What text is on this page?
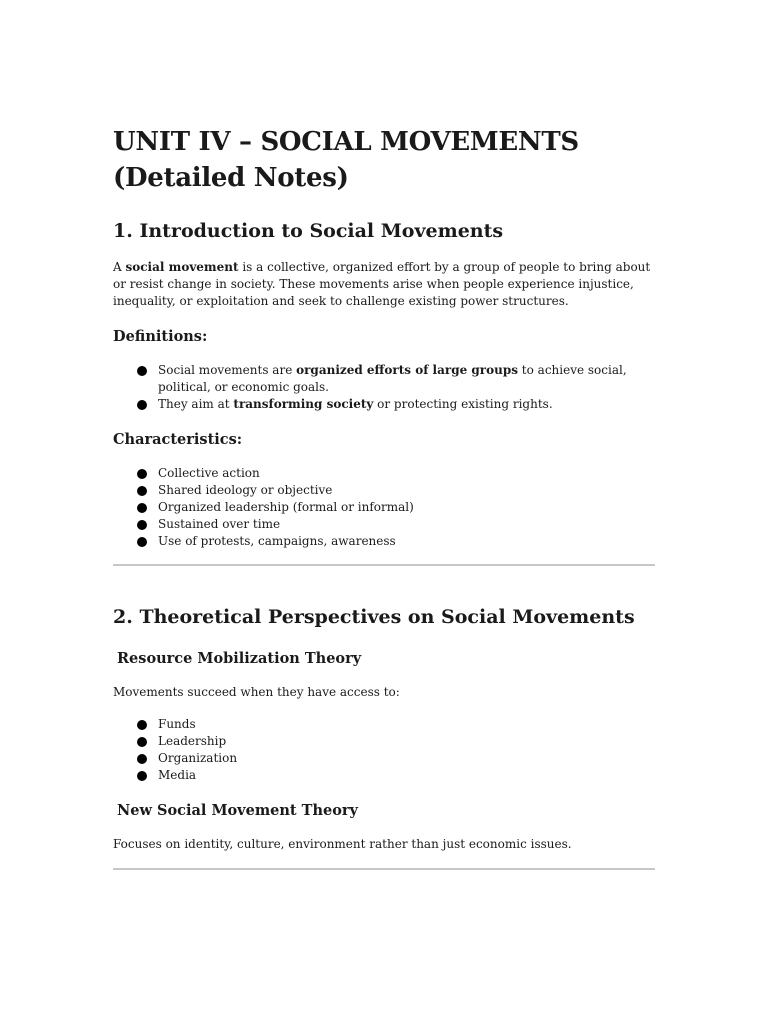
UNIT IV – SOCIAL MOVEMENTS (Detailed Notes)
1. Introduction to Social Movements

A social movement is a collective, organized effort by a group of people to bring about or resist change in society. These movements arise when people experience injustice, inequality, or exploitation and seek to challenge existing power structures.

Definitions:
Social movements are organized efforts of large groups to achieve social, political, or economic goals.
They aim at transforming society or protecting existing rights.
Characteristics:
Collective action
Shared ideology or objective
Organized leadership (formal or informal)
Sustained over time
Use of protests, campaigns, awareness
2. Theoretical Perspectives on Social Movements
Resource Mobilization Theory

Movements succeed when they have access to:

Funds
Leadership
Organization
Media
New Social Movement Theory

Focuses on identity, culture, environment rather than just economic issues.
